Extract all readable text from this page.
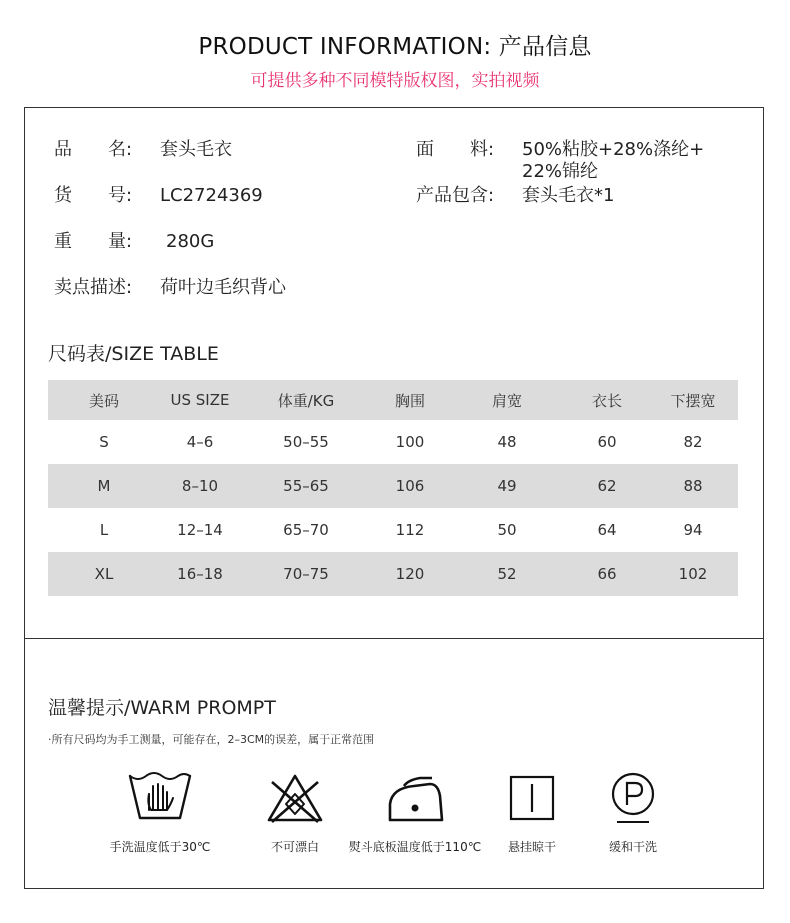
PRODUCT INFORMATION: 产品信息
可提供多种不同模特版权图，实拍视频
品　　名: 套头毛衣
货　　号: LC2724369
重　　量: 280G
卖点描述: 荷叶边毛织背心
面　　料: 50%粘胶+28%涤纶+
22%锦纶
产品包含: 套头毛衣*1
尺码表/SIZE TABLE
美码	US SIZE	体重/KG	胸围	肩宽	衣长	下摆宽
S	4–6	50–55	100	48	60	82
M	8–10	55–65	106	49	62	88
L	12–14	65–70	112	50	64	94
XL	16–18	70–75	120	52	66	102
温馨提示/WARM PROMPT
·所有尺码均为手工测量，可能存在，2–3CM的误差，属于正常范围
手洗温度低于30℃	不可漂白	熨斗底板温度低于110℃	悬挂晾干	缓和干洗
